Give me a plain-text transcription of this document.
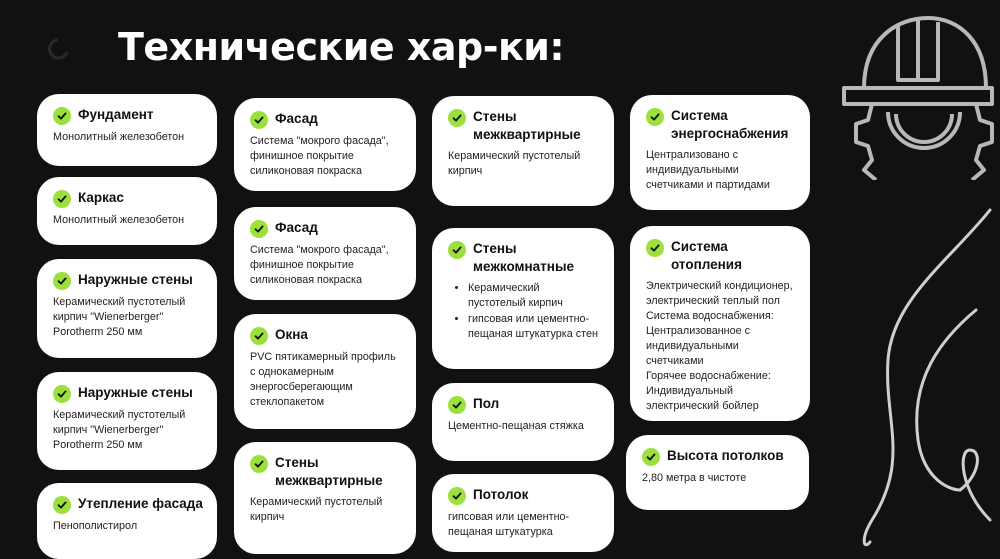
Технические хар-ки:
Фундамент
Монолитный железобетон
Каркас
Монолитный железобетон
Наружные стены
Керамический пустотелый кирпич "Wienerberger" Porotherm 250 мм
Наружные стены
Керамический пустотелый кирпич "Wienerberger" Porotherm 250 мм
Утепление фасада
Пенополистирол
Фасад
Система "мокрого фасада", финишное покрытие силиконовая покраска
Фасад
Система "мокрого фасада", финишное покрытие силиконовая покраска
Окна
PVC пятикамерный профиль с однокамерным энергосберегающим стеклопакетом
Стены межквартирные
Керамический пустотелый кирпич
Стены межквартирные
Керамический пустотелый кирпич
Стены межкомнатные
• Керамический пустотелый кирпич
• гипсовая или цементно-пещаная штукатурка стен
Пол
Цементно-пещаная стяжка
Потолок
гипсовая или цементно-пещаная штукатурка
Система энергоснабжения
Централизовано с индивидуальными счетчиками и партидами
Система отопления
Электрический кондиционер, электрический теплый пол
Система водоснабжения: Централизованное с индивидуальными счетчиками
Горячее водоснабжение: Индивидуальный электрический бойлер
Высота потолков
2,80 метра в чистоте
